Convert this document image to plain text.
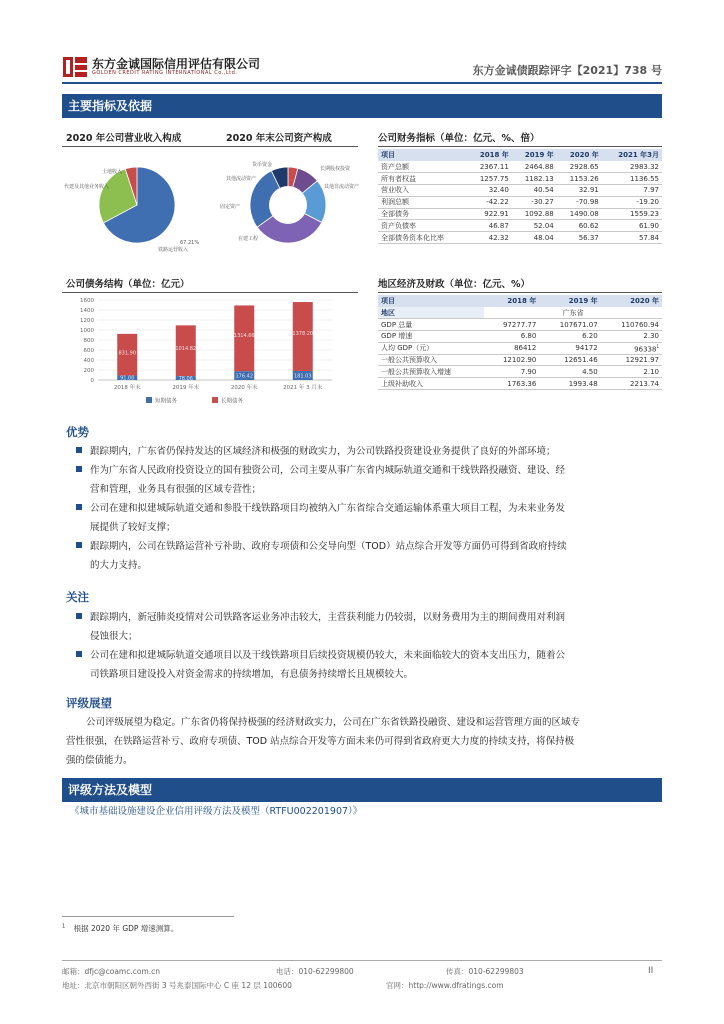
东方金诚国际信用评估有限公司
GOLDEN CREDIT RATING INTERNATIONAL Co.,Ltd.	东方金诚债跟踪评字【2021】738 号
主要指标及依据
2020 年公司营业收入构成	2020 年末公司资产构成
土地收入
代建及其他业务收入
67.21%
铁路运营收入
货币资金
其他流动资产
固定资产
在建工程
其他非流动资产
长期股权投资
公司财务指标（单位：亿元、%、倍）
项目	2018 年	2019 年	2020 年	2021 年3月
资产总额	2367.11	2464.88	2928.65	2983.32
所有者权益	1257.75	1182.13	1153.26	1136.55
营业收入	32.40	40.54	32.91	7.97
利润总额	-42.22	-30.27	-70.98	-19.20
全部债务	922.91	1092.88	1490.08	1559.23
资产负债率	46.87	52.04	60.62	61.90
全部债务资本化比率	42.32	48.04	56.37	57.84
公司债务结构（单位：亿元）
91.00
831.90
78.06
1014.82
176.42
1314.66
181.03
1378.20
0
200
400
600
800
1000
1200
1400
1600
2018 年末	2019 年末	2020 年末	2021 年 3 月末
短期债务	长期债务
地区经济及财政（单位：亿元、%）
项目	2018 年	2019 年	2020 年
地区	广东省		
GDP 总量	97277.77	107671.07	110760.94
GDP 增速	6.80	6.20	2.30
人均 GDP（元）	86412	94172	96338$^1$
一般公共预算收入	12102.90	12651.46	12921.97
一般公共预算收入增速	7.90	4.50	2.10
上级补助收入	1763.36	1993.48	2213.74
优势
跟踪期内，广东省仍保持发达的区域经济和极强的财政实力，为公司铁路投资建设业务提供了良好的外部环境；
作为广东省人民政府投资设立的国有独资公司，公司主要从事广东省内城际轨道交通和干线铁路投融资、建设、经
营和管理，业务具有很强的区域专营性；
公司在建和拟建城际轨道交通和参股干线铁路项目均被纳入广东省综合交通运输体系重大项目工程，为未来业务发
展提供了较好支撑；
跟踪期内，公司在铁路运营补亏补助、政府专项债和公交导向型（TOD）站点综合开发等方面仍可得到省政府持续
的大力支持。
关注
跟踪期内，新冠肺炎疫情对公司铁路客运业务冲击较大，主营获利能力仍较弱，以财务费用为主的期间费用对利润
侵蚀很大；
公司在建和拟建城际轨道交通项目以及干线铁路项目后续投资规模仍较大，未来面临较大的资本支出压力，随着公
司铁路项目建设投入对资金需求的持续增加，有息债务持续增长且规模较大。
评级展望
公司评级展望为稳定。广东省仍将保持极强的经济财政实力，公司在广东省铁路投融资、建设和运营管理方面的区域专
营性很强，在铁路运营补亏、政府专项债、TOD 站点综合开发等方面未来仍可得到省政府更大力度的持续支持，将保持极
强的偿债能力。
评级方法及模型
《城市基础设施建设企业信用评级方法及模型（RTFU002201907）》
$^1$ 根据 2020 年 GDP 增速测算。
邮箱：dfjc@coamc.com.cn	电话：010-62299800	传真：010-62299803
地址：北京市朝阳区朝外西街 3 号兆泰国际中心 C 座 12 层 100600	官网：http://www.dfratings.com
II
